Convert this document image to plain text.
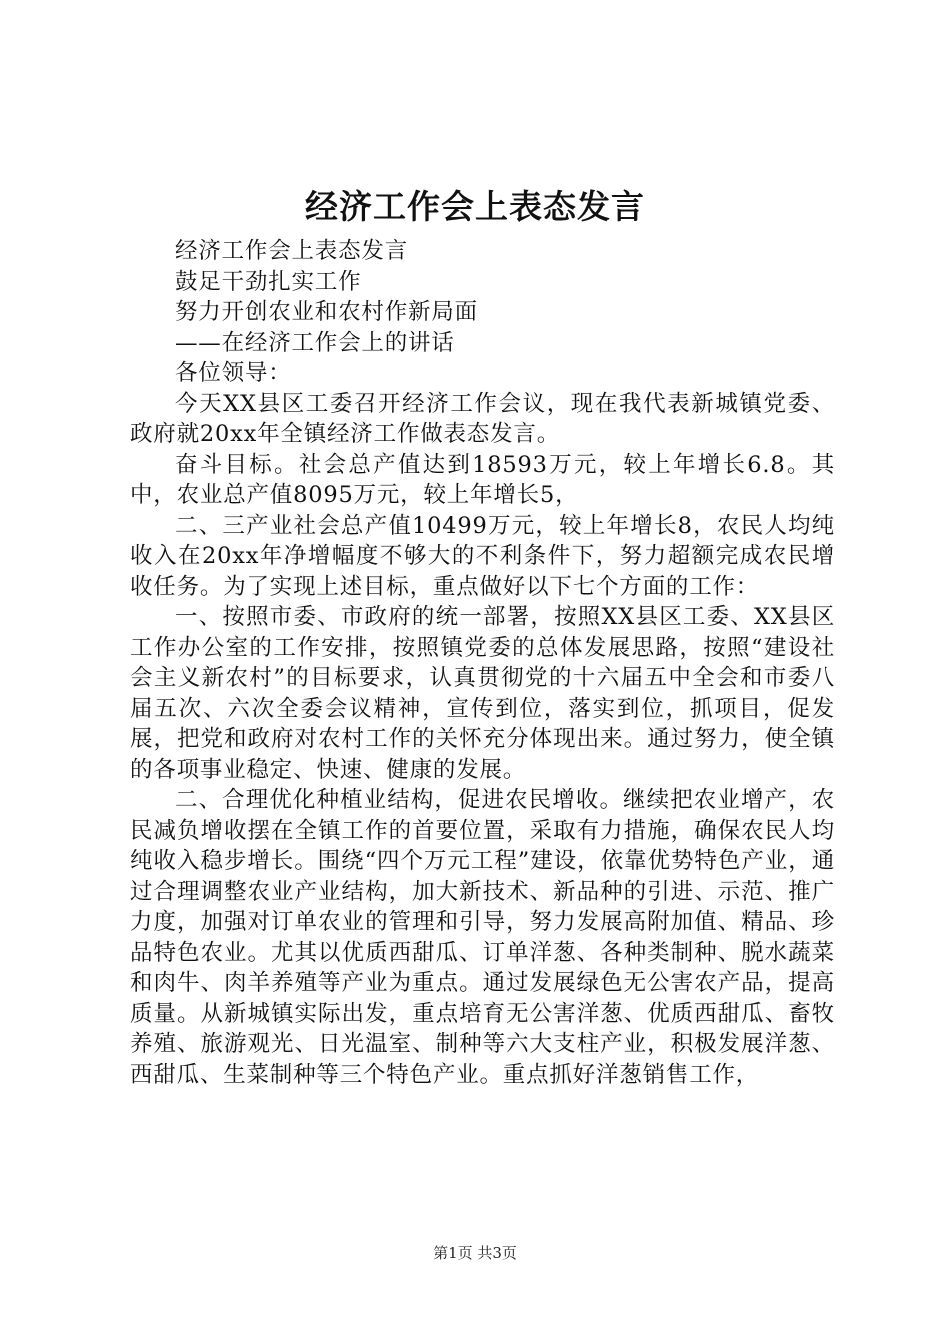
经济工作会上表态发言

经济工作会上表态发言

鼓足干劲扎实工作

努力开创农业和农村作新局面

——在经济工作会上的讲话

各位领导：

今天XX县区工委召开经济工作会议，现在我代表新城镇党委、政府就20xx年全镇经济工作做表态发言。

奋斗目标。社会总产值达到18593万元，较上年增长6.8。其中，农业总产值8095万元，较上年增长5，

二、三产业社会总产值10499万元，较上年增长8，农民人均纯收入在20xx年净增幅度不够大的不利条件下，努力超额完成农民增收任务。为了实现上述目标，重点做好以下七个方面的工作：

一、按照市委、市政府的统一部署，按照XX县区工委、XX县区工作办公室的工作安排，按照镇党委的总体发展思路，按照“建设社会主义新农村”的目标要求，认真贯彻党的十六届五中全会和市委八届五次、六次全委会议精神，宣传到位，落实到位，抓项目，促发展，把党和政府对农村工作的关怀充分体现出来。通过努力，使全镇的各项事业稳定、快速、健康的发展。

二、合理优化种植业结构，促进农民增收。继续把农业增产，农民减负增收摆在全镇工作的首要位置，采取有力措施，确保农民人均纯收入稳步增长。围绕“四个万元工程”建设，依靠优势特色产业，通过合理调整农业产业结构，加大新技术、新品种的引进、示范、推广力度，加强对订单农业的管理和引导，努力发展高附加值、精品、珍品特色农业。尤其以优质西甜瓜、订单洋葱、各种类制种、脱水蔬菜和肉牛、肉羊养殖等产业为重点。通过发展绿色无公害农产品，提高质量。从新城镇实际出发，重点培育无公害洋葱、优质西甜瓜、畜牧养殖、旅游观光、日光温室、制种等六大支柱产业，积极发展洋葱、西甜瓜、生菜制种等三个特色产业。重点抓好洋葱销售工作，

第1页 共3页
